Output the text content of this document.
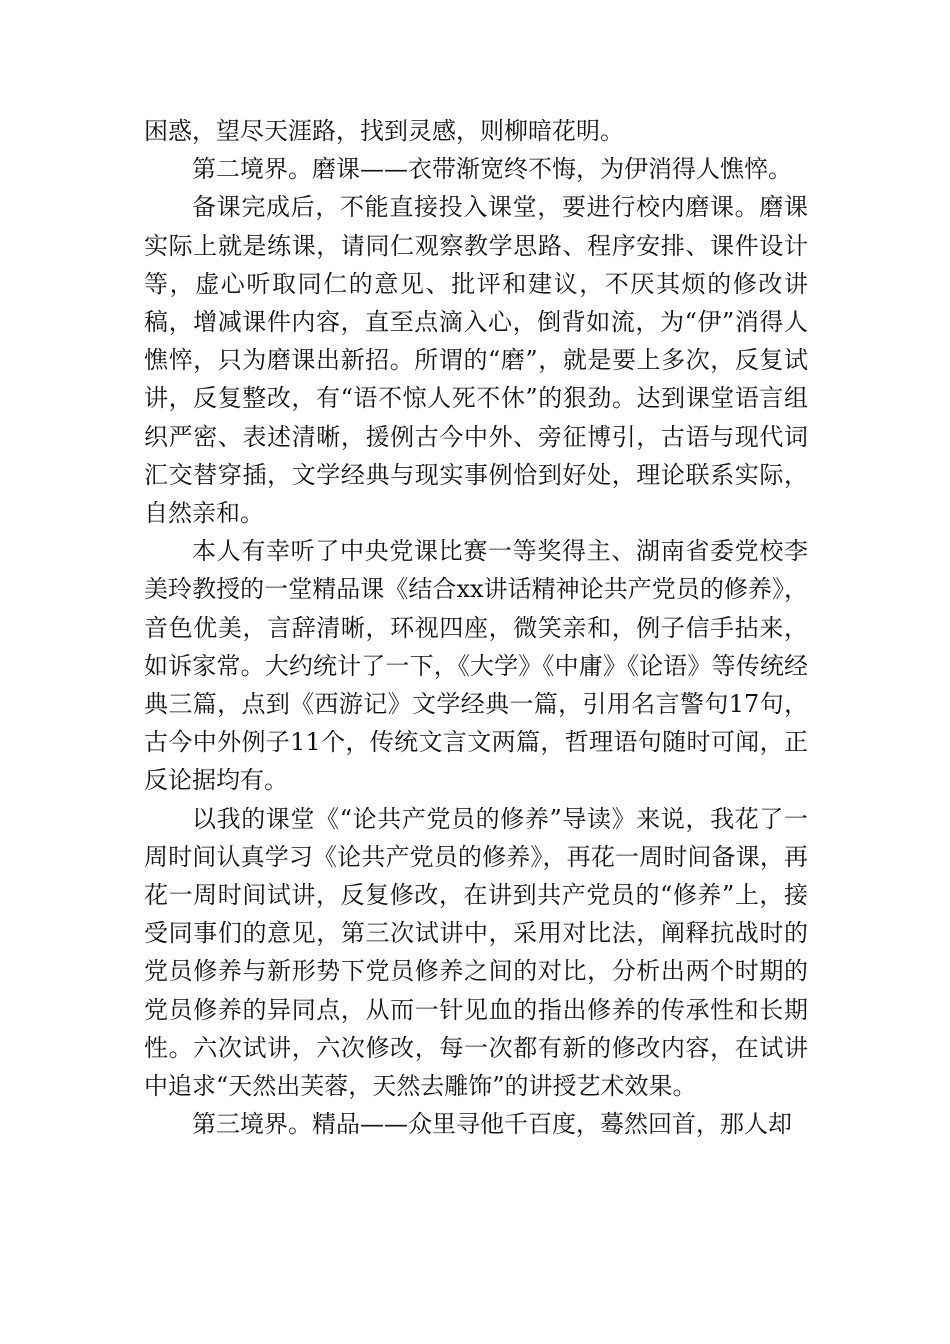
困惑，望尽天涯路，找到灵感，则柳暗花明。

第二境界。磨课——衣带渐宽终不悔，为伊消得人憔悴。

备课完成后，不能直接投入课堂，要进行校内磨课。磨课实际上就是练课，请同仁观察教学思路、程序安排、课件设计等，虚心听取同仁的意见、批评和建议，不厌其烦的修改讲稿，增减课件内容，直至点滴入心，倒背如流，为“伊”消得人憔悴，只为磨课出新招。所谓的“磨”，就是要上多次，反复试讲，反复整改，有“语不惊人死不休”的狠劲。达到课堂语言组织严密、表述清晰，援例古今中外、旁征博引，古语与现代词汇交替穿插，文学经典与现实事例恰到好处，理论联系实际，自然亲和。

本人有幸听了中央党课比赛一等奖得主、湖南省委党校李美玲教授的一堂精品课《结合xx讲话精神论共产党员的修养》，音色优美，言辞清晰，环视四座，微笑亲和，例子信手拈来，如诉家常。大约统计了一下，《大学》《中庸》《论语》等传统经典三篇，点到《西游记》文学经典一篇，引用名言警句17句，古今中外例子11个，传统文言文两篇，哲理语句随时可闻，正反论据均有。

以我的课堂《“论共产党员的修养”导读》来说，我花了一周时间认真学习《论共产党员的修养》，再花一周时间备课，再花一周时间试讲，反复修改，在讲到共产党员的“修养”上，接受同事们的意见，第三次试讲中，采用对比法，阐释抗战时的党员修养与新形势下党员修养之间的对比，分析出两个时期的党员修养的异同点，从而一针见血的指出修养的传承性和长期性。六次试讲，六次修改，每一次都有新的修改内容，在试讲中追求“天然出芙蓉，天然去雕饰”的讲授艺术效果。

第三境界。精品——众里寻他千百度，蓦然回首，那人却
